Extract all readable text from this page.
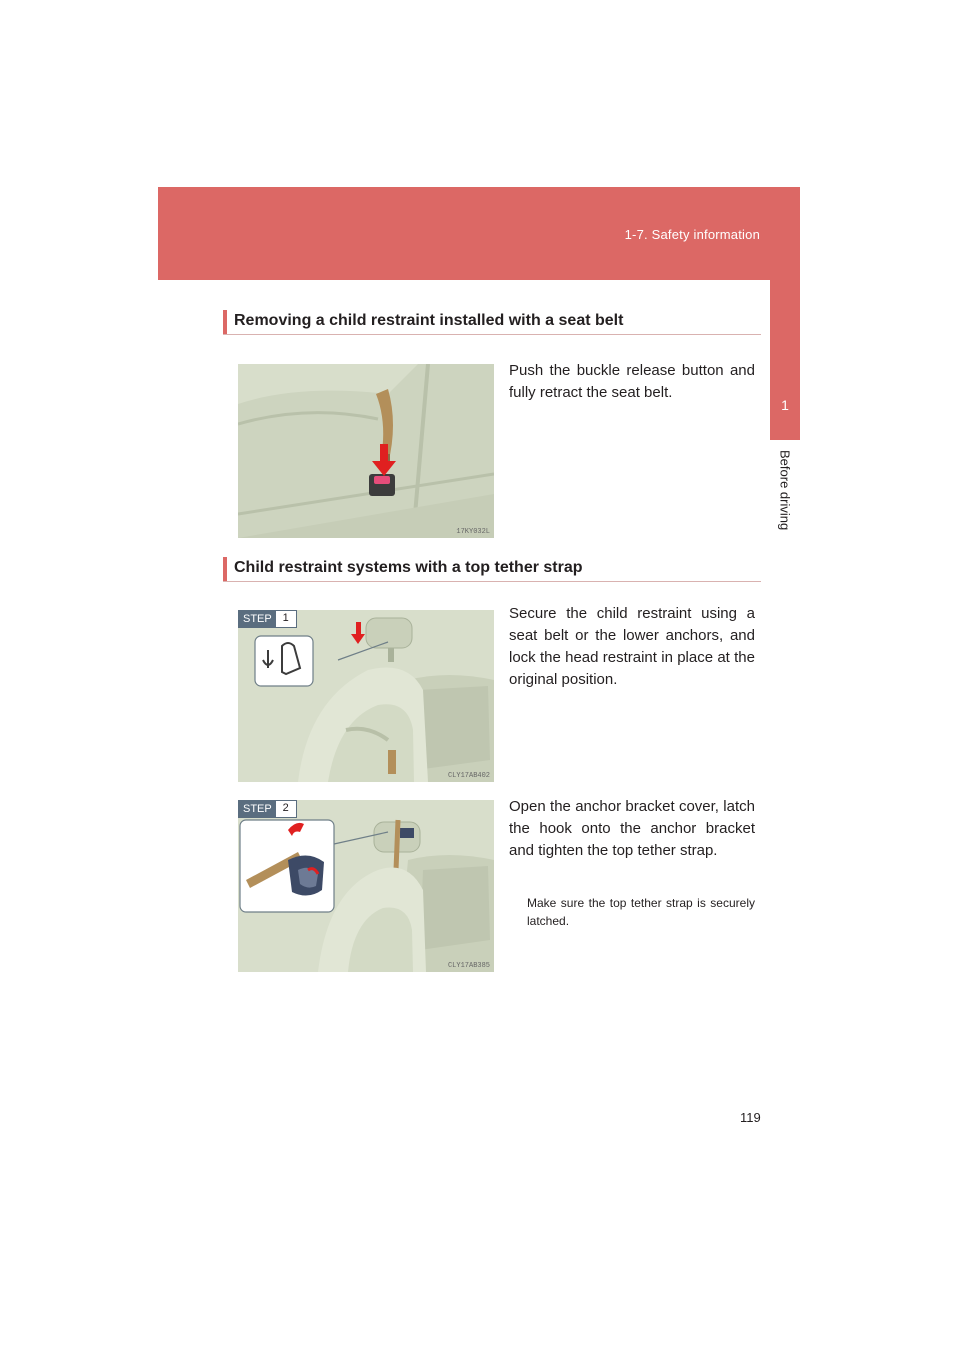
1-7. Safety information
1
Before driving
Removing a child restraint installed with a seat belt
17KY032L
Push the buckle release button and fully retract the seat belt.
Child restraint systems with a top tether strap
STEP 1
CLY17AB402
Secure the child restraint using a seat belt or the lower anchors, and lock the head restraint in place at the original position.
STEP 2
CLY17AB385
Open the anchor bracket cover, latch the hook onto the anchor bracket and tighten the top tether strap.
Make sure the top tether strap is securely latched.
119
